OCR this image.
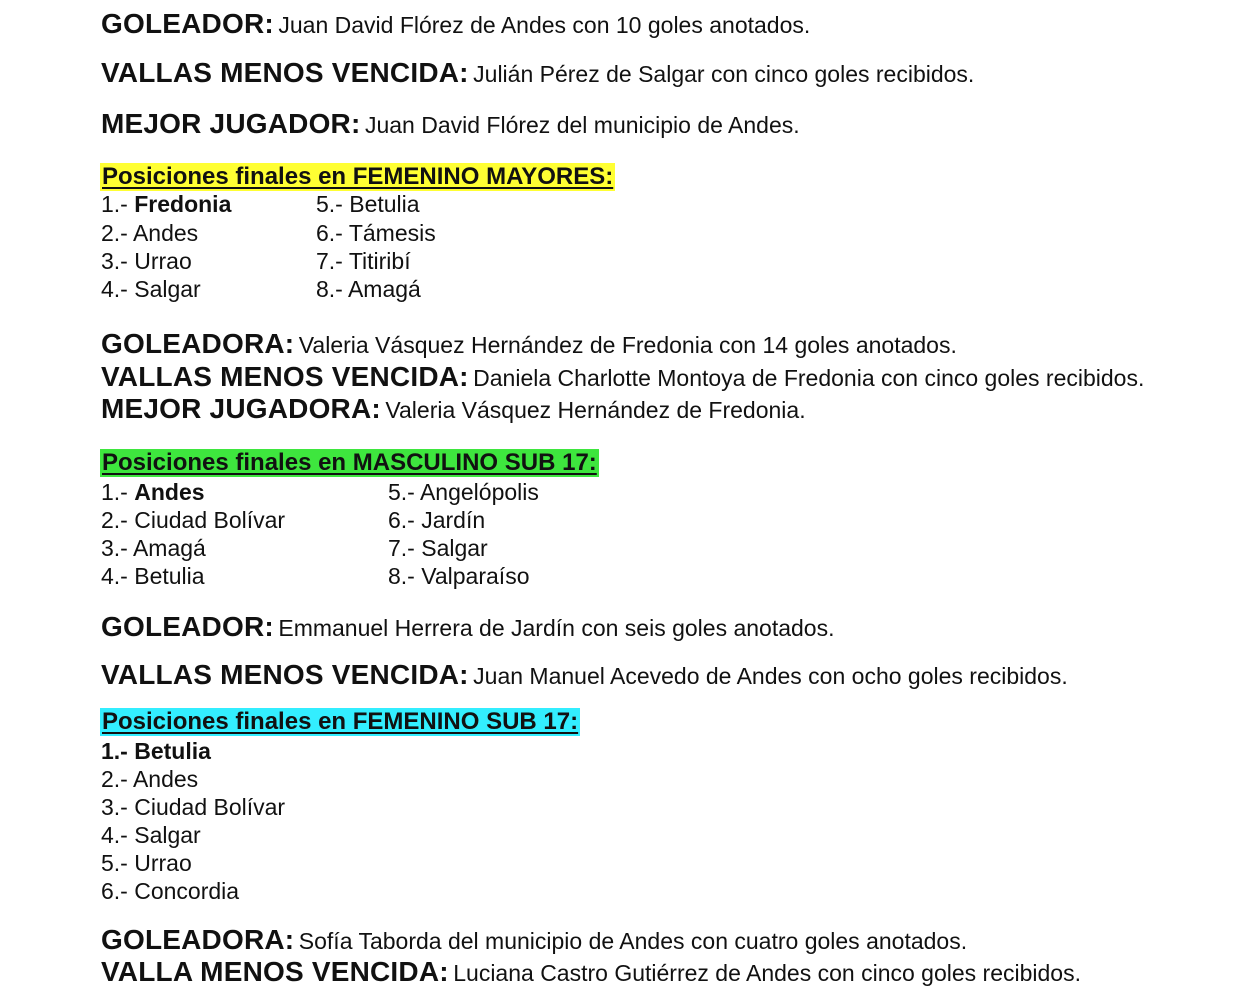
GOLEADOR: Juan David Flórez de Andes con 10 goles anotados.
VALLAS MENOS VENCIDA: Julián Pérez de Salgar con cinco goles recibidos.
MEJOR JUGADOR: Juan David Flórez del municipio de Andes.
Posiciones finales en FEMENINO MAYORES:
1.- Fredonia
2.- Andes
3.- Urrao
4.- Salgar
5.- Betulia
6.- Támesis
7.- Titiribí
8.- Amagá
GOLEADORA: Valeria Vásquez Hernández de Fredonia con 14 goles anotados.
VALLAS MENOS VENCIDA: Daniela Charlotte Montoya de Fredonia con cinco goles recibidos.
MEJOR JUGADORA: Valeria Vásquez Hernández de Fredonia.
Posiciones finales en MASCULINO SUB 17:
1.- Andes
2.- Ciudad Bolívar
3.- Amagá
4.- Betulia
5.- Angelópolis
6.- Jardín
7.- Salgar
8.- Valparaíso
GOLEADOR: Emmanuel Herrera de Jardín con seis goles anotados.
VALLAS MENOS VENCIDA: Juan Manuel Acevedo de Andes con ocho goles recibidos.
Posiciones finales en FEMENINO SUB 17:
1.- Betulia
2.- Andes
3.- Ciudad Bolívar
4.- Salgar
5.- Urrao
6.- Concordia
GOLEADORA: Sofía Taborda del municipio de Andes con cuatro goles anotados.
VALLA MENOS VENCIDA: Luciana Castro Gutiérrez de Andes con cinco goles recibidos.
